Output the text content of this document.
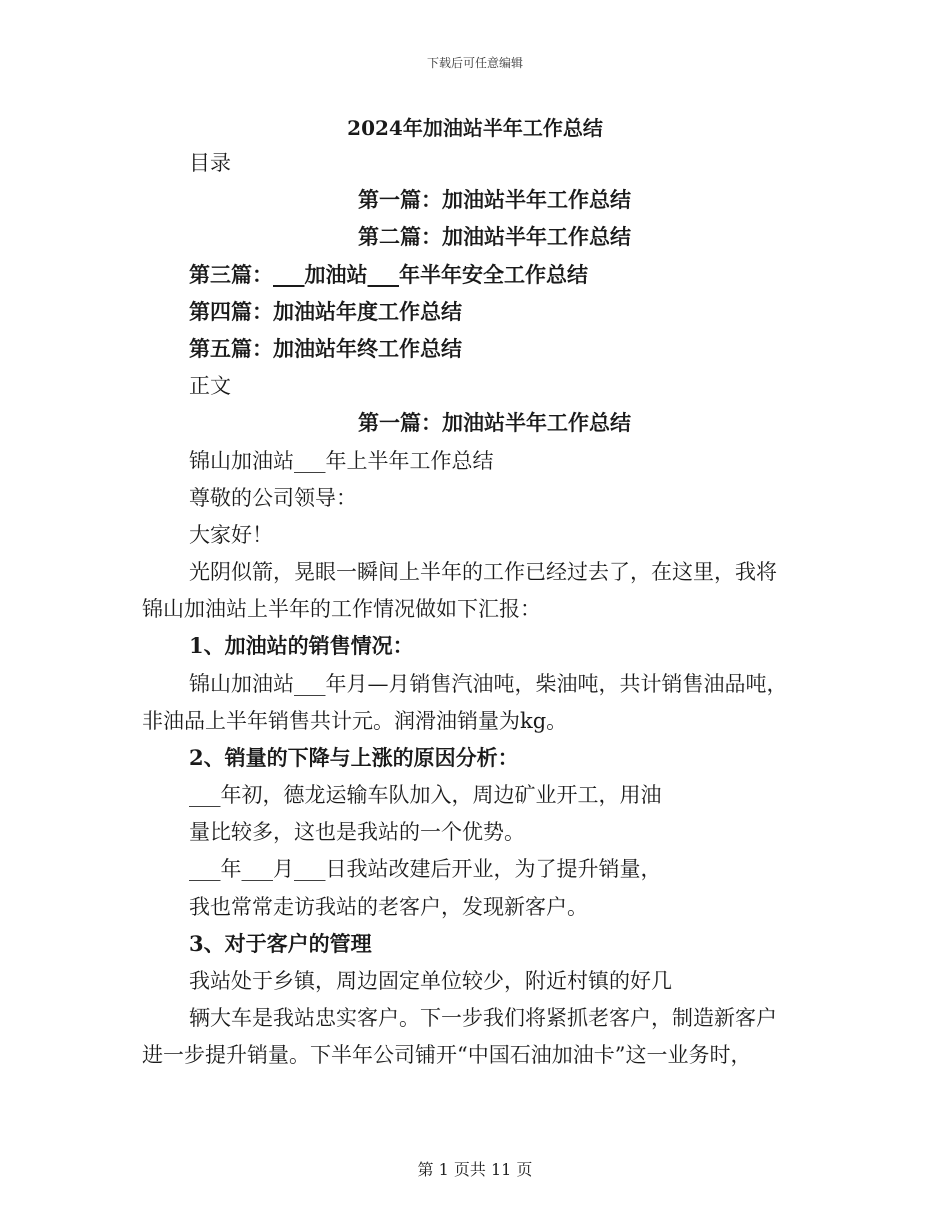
下载后可任意编辑
2024年加油站半年工作总结
目录
第一篇：加油站半年工作总结
第二篇：加油站半年工作总结
第三篇：___加油站___年半年安全工作总结
第四篇：加油站年度工作总结
第五篇：加油站年终工作总结
正文
第一篇：加油站半年工作总结
锦山加油站___年上半年工作总结
尊敬的公司领导：
大家好！
光阴似箭，晃眼一瞬间上半年的工作已经过去了，在这里，我将
锦山加油站上半年的工作情况做如下汇报：
1、加油站的销售情况：
锦山加油站___年月—月销售汽油吨，柴油吨，共计销售油品吨，
非油品上半年销售共计元。润滑油销量为kg。
2、销量的下降与上涨的原因分析：
___年初，德龙运输车队加入，周边矿业开工，用油
量比较多，这也是我站的一个优势。
___年___月___日我站改建后开业，为了提升销量，
我也常常走访我站的老客户，发现新客户。
3、对于客户的管理
我站处于乡镇，周边固定单位较少，附近村镇的好几
辆大车是我站忠实客户。下一步我们将紧抓老客户，制造新客户
进一步提升销量。下半年公司铺开“中国石油加油卡”这一业务时，
第 1 页共 11 页
